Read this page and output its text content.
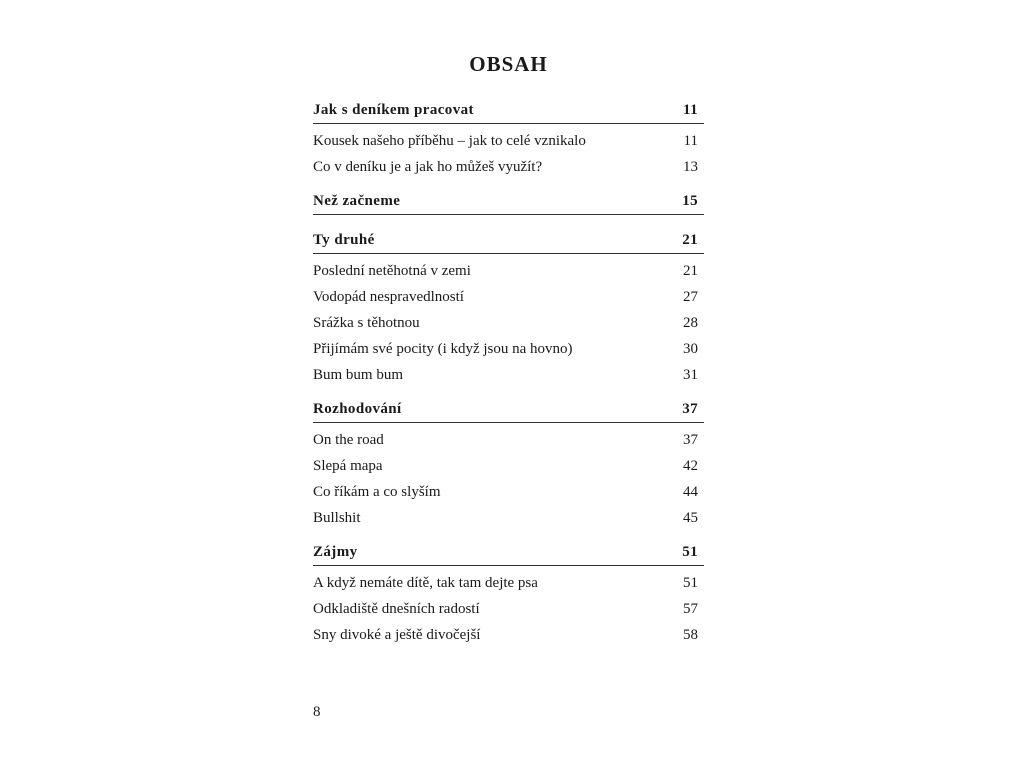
OBSAH
Jak s deníkem pracovat	11
Kousek našeho příběhu – jak to celé vznikalo	11
Co v deníku je a jak ho můžeš využít?	13
Než začneme	15
Ty druhé	21
Poslední netěhotná v zemi	21
Vodopád nespravedlností	27
Srážka s těhotnou	28
Přijímám své pocity (i když jsou na hovno)	30
Bum bum bum	31
Rozhodování	37
On the road	37
Slepá mapa	42
Co říkám a co slyším	44
Bullshit	45
Zájmy	51
A když nemáte dítě, tak tam dejte psa	51
Odkladiště dnešních radostí	57
Sny divoké a ještě divočejší	58
8
